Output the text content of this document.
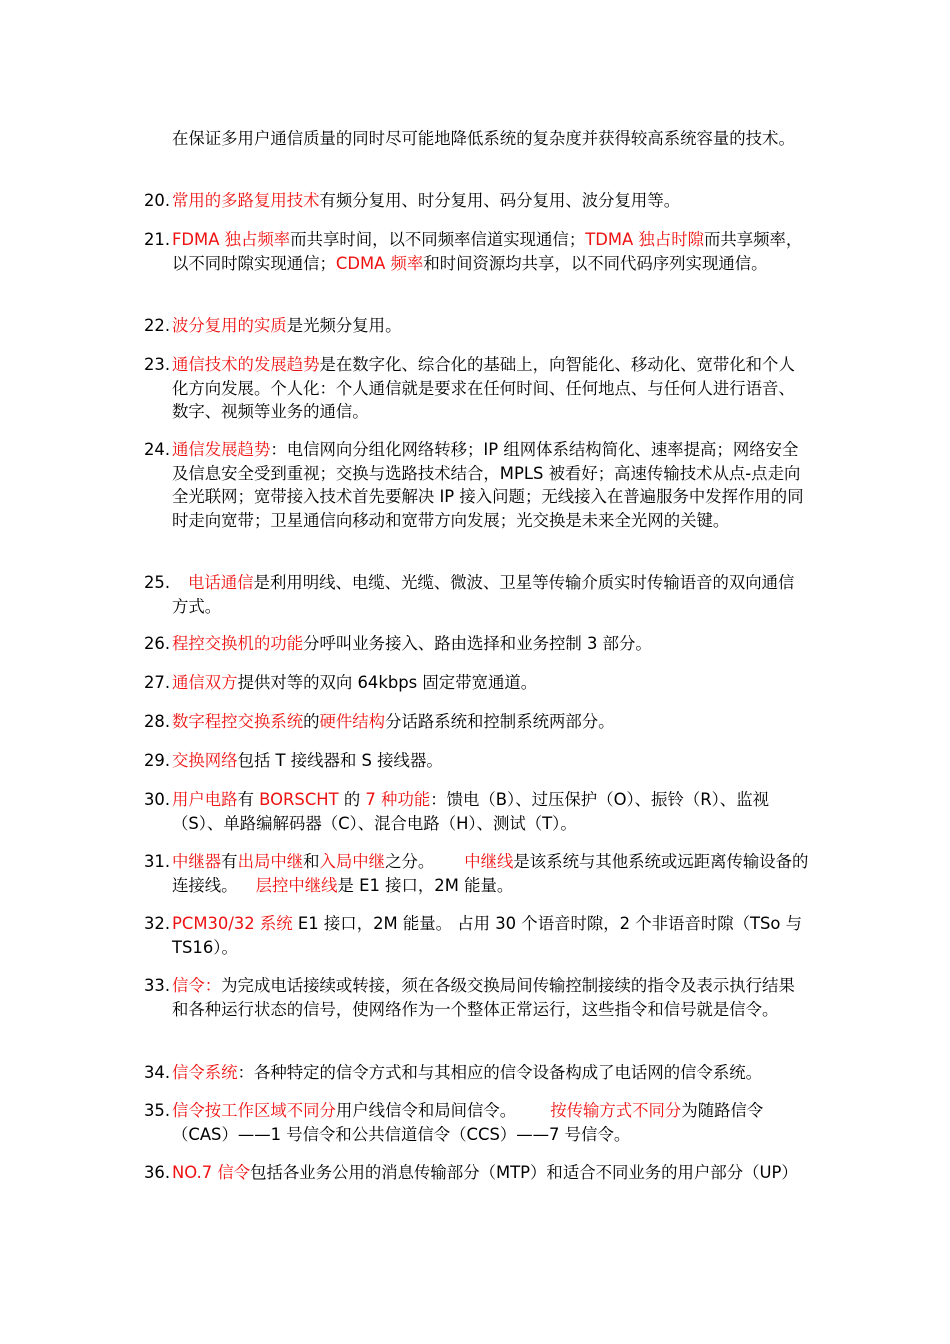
在保证多用户通信质量的同时尽可能地降低系统的复杂度并获得较高系统容量的技术。
20. 常用的多路复用技术有频分复用、时分复用、码分复用、波分复用等。
21. FDMA 独占频率而共享时间，以不同频率信道实现通信；TDMA 独占时隙而共享频率，以不同时隙实现通信；CDMA 频率和时间资源均共享，以不同代码序列实现通信。
22. 波分复用的实质是光频分复用。
23. 通信技术的发展趋势是在数字化、综合化的基础上，向智能化、移动化、宽带化和个人化方向发展。个人化：个人通信就是要求在任何时间、任何地点、与任何人进行语音、数字、视频等业务的通信。
24. 通信发展趋势：电信网向分组化网络转移；IP 组网体系结构简化、速率提高；网络安全及信息安全受到重视；交换与选路技术结合，MPLS 被看好；高速传输技术从点-点走向全光联网；宽带接入技术首先要解决 IP 接入问题；无线接入在普遍服务中发挥作用的同时走向宽带；卫星通信向移动和宽带方向发展；光交换是未来全光网的关键。
25.	电话通信是利用明线、电缆、光缆、微波、卫星等传输介质实时传输语音的双向通信方式。
26. 程控交换机的功能分呼叫业务接入、路由选择和业务控制 3 部分。
27. 通信双方提供对等的双向 64kbps 固定带宽通道。
28. 数字程控交换系统的硬件结构分话路系统和控制系统两部分。
29. 交换网络包括 T 接线器和 S 接线器。
30. 用户电路有 BORSCHT 的 7 种功能：馈电（B）、过压保护（O）、振铃（R）、监视（S）、单路编解码器（C）、混合电路（H）、测试（T）。
31. 中继器有出局中继和入局中继之分。 中继线是该系统与其他系统或远距离传输设备的连接线。 层控中继线是 E1 接口，2M 能量。
32. PCM30/32 系统 E1 接口，2M 能量。 占用 30 个语音时隙，2 个非语音时隙（TSo 与 TS16）。
33. 信令：为完成电话接续或转接，须在各级交换局间传输控制接续的指令及表示执行结果和各种运行状态的信号，使网络作为一个整体正常运行，这些指令和信号就是信令。
34. 信令系统：各种特定的信令方式和与其相应的信令设备构成了电话网的信令系统。
35. 信令按工作区域不同分用户线信令和局间信令。 按传输方式不同分为随路信令（CAS）——1 号信令和公共信道信令（CCS）——7 号信令。
36. NO.7 信令包括各业务公用的消息传输部分（MTP）和适合不同业务的用户部分（UP）
